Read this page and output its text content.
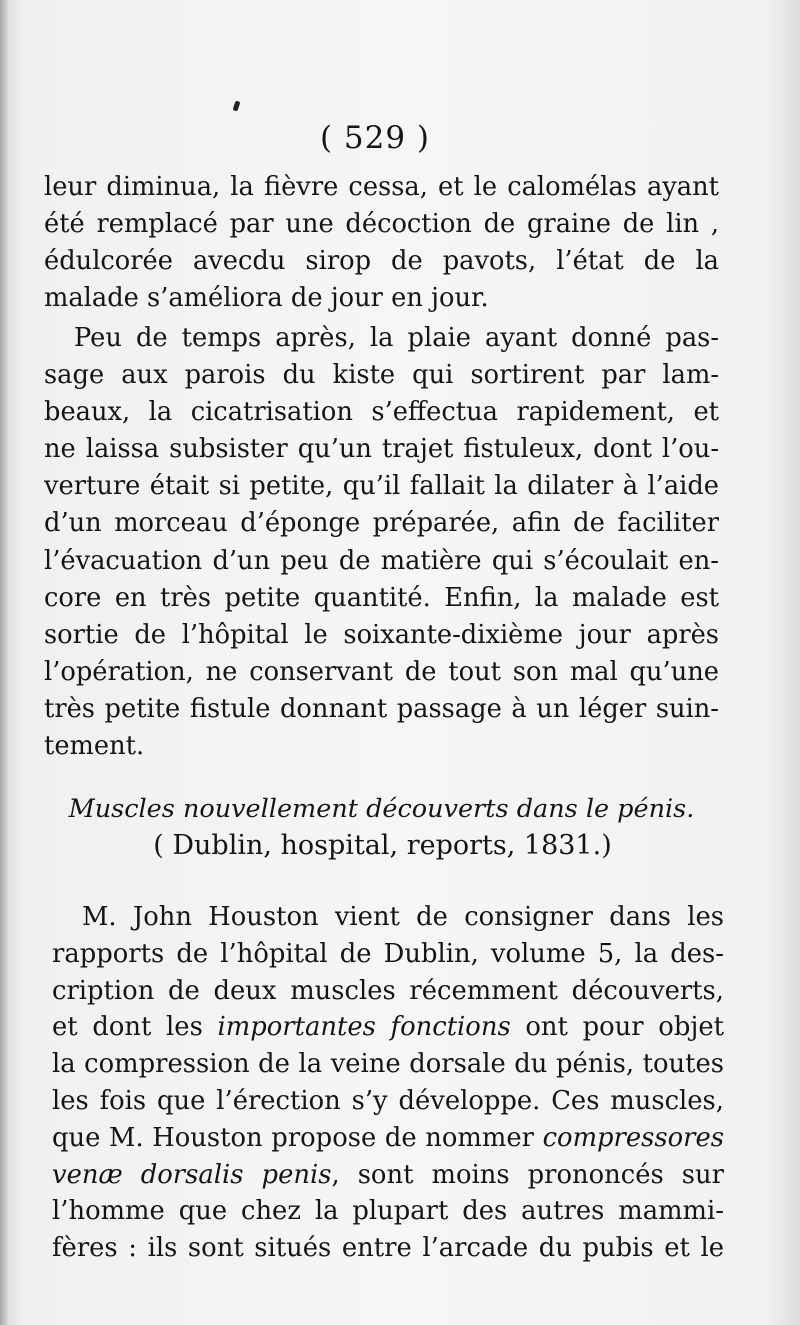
( 529 )
leur diminua, la fièvre cessa, et le calomélas ayant
été remplacé par une décoction de graine de lin ,
édulcorée avecdu sirop de pavots, l’état de la
malade s’améliora de jour en jour.
Peu de temps après, la plaie ayant donné pas-
sage aux parois du kiste qui sortirent par lam-
beaux, la cicatrisation s’effectua rapidement, et
ne laissa subsister qu’un trajet fistuleux, dont l’ou-
verture était si petite, qu’il fallait la dilater à l’aide
d’un morceau d’éponge préparée, afin de faciliter
l’évacuation d’un peu de matière qui s’écoulait en-
core en très petite quantité. Enfin, la malade est
sortie de l’hôpital le soixante-dixième jour après
l’opération, ne conservant de tout son mal qu’une
très petite fistule donnant passage à un léger suin-
tement.
Muscles nouvellement découverts dans le pénis.
( Dublin, hospital, reports, 1831.)
M. John Houston vient de consigner dans les
rapports de l’hôpital de Dublin, volume 5, la des-
cription de deux muscles récemment découverts,
et dont les importantes fonctions ont pour objet
la compression de la veine dorsale du pénis, toutes
les fois que l’érection s’y développe. Ces muscles,
que M. Houston propose de nommer compressores
venæ dorsalis penis, sont moins prononcés sur
l’homme que chez la plupart des autres mammi-
fères : ils sont situés entre l’arcade du pubis et le
